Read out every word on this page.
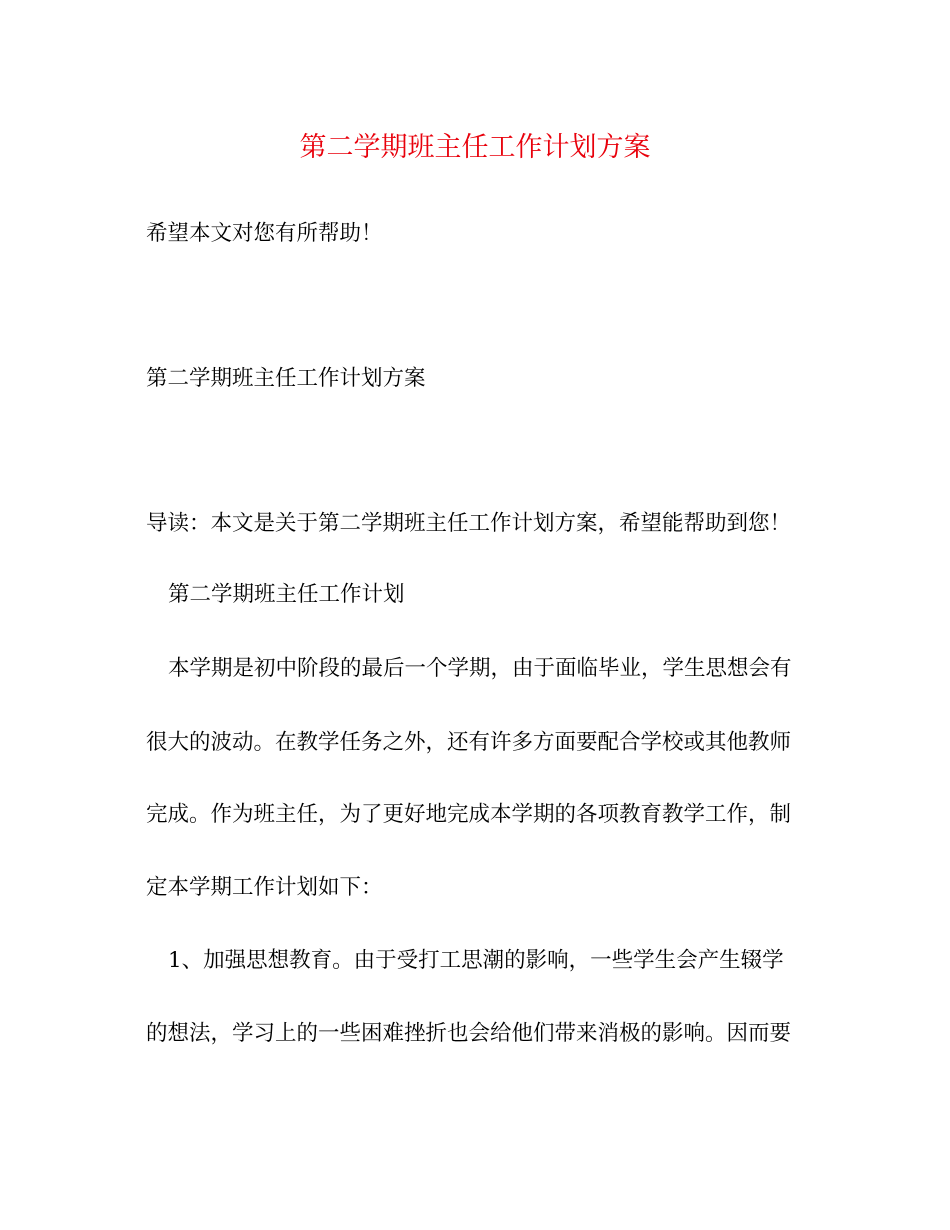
第二学期班主任工作计划方案
希望本文对您有所帮助！
第二学期班主任工作计划方案
导读：本文是关于第二学期班主任工作计划方案，希望能帮助到您！
第二学期班主任工作计划
本学期是初中阶段的最后一个学期，由于面临毕业，学生思想会有
很大的波动。在教学任务之外，还有许多方面要配合学校或其他教师
完成。作为班主任，为了更好地完成本学期的各项教育教学工作，制
定本学期工作计划如下：
1、加强思想教育。由于受打工思潮的影响，一些学生会产生辍学
的想法，学习上的一些困难挫折也会给他们带来消极的影响。因而要
